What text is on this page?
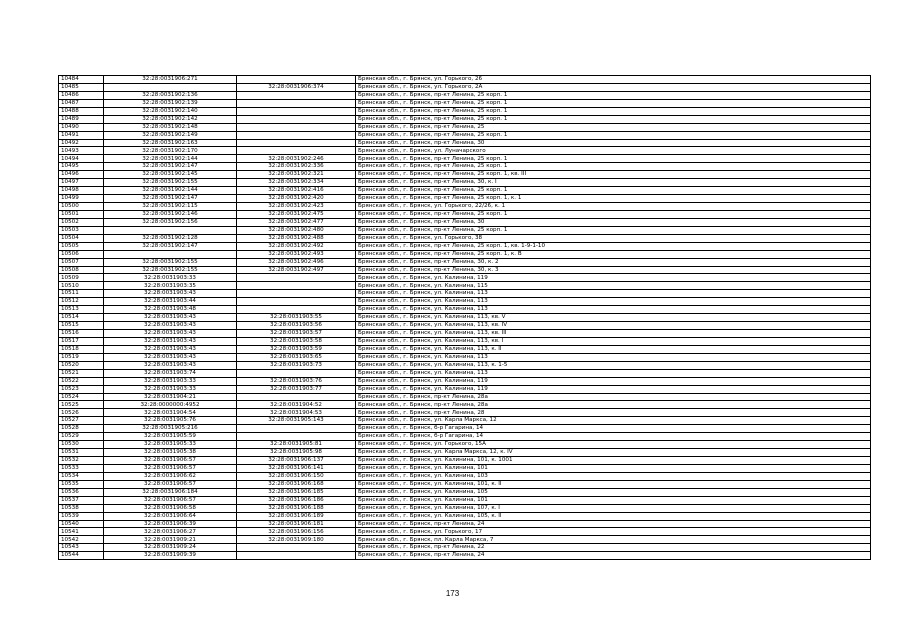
10484	32:28:0031906:271		Брянская обл., г. Брянск, ул. Горького, 26
10485		32:28:0031906:374	Брянская обл., г. Брянск, ул. Горького, 2А
10486	32:28:0031902:136		Брянская обл., г. Брянск, пр-кт Ленина, 25 корп. 1
10487	32:28:0031902:139		Брянская обл., г. Брянск, пр-кт Ленина, 25 корп. 1
10488	32:28:0031902:140		Брянская обл., г. Брянск, пр-кт Ленина, 25 корп. 1
10489	32:28:0031902:142		Брянская обл., г. Брянск, пр-кт Ленина, 25 корп. 1
10490	32:28:0031902:148		Брянская обл., г. Брянск, пр-кт Ленина, 25
10491	32:28:0031902:149		Брянская обл., г. Брянск, пр-кт Ленина, 25 корп. 1
10492	32:28:0031902:163		Брянская обл., г. Брянск, пр-кт Ленина, 30
10493	32:28:0031902:170		Брянская обл., г. Брянск, ул. Луначарского
10494	32:28:0031902:144	32:28:0031902:246	Брянская обл., г. Брянск, пр-кт Ленина, 25 корп. 1
10495	32:28:0031902:147	32:28:0031902:336	Брянская обл., г. Брянск, пр-кт Ленина, 25 корп. 1
10496	32:28:0031902:145	32:28:0031902:321	Брянская обл., г. Брянск, пр-кт Ленина, 25 корп. 1, кв. III
10497	32:28:0031902:155	32:28:0031902:334	Брянская обл., г. Брянск, пр-кт Ленина, 30, к. I
10498	32:28:0031902:144	32:28:0031902:416	Брянская обл., г. Брянск, пр-кт Ленина, 25 корп. 1
10499	32:28:0031902:147	32:28:0031902:420	Брянская обл., г. Брянск, пр-кт Ленина, 25 корп. 1, к. 1
10500	32:28:0031902:115	32:28:0031902:423	Брянская обл., г. Брянск, ул. Горького, 22/26, к. 1
10501	32:28:0031902:146	32:28:0031902:475	Брянская обл., г. Брянск, пр-кт Ленина, 25 корп. 1
10502	32:28:0031902:156	32:28:0031902:477	Брянская обл., г. Брянск, пр-кт Ленина, 30
10503		32:28:0031902:480	Брянская обл., г. Брянск, пр-кт Ленина, 25 корп. 1
10504	32:28:0031902:128	32:28:0031902:488	Брянская обл., г. Брянск, ул. Горького, 38
10505	32:28:0031902:147	32:28:0031902:492	Брянская обл., г. Брянск, пр-кт Ленина, 25 корп. 1, кв. 1-9-1-10
10506		32:28:0031902:493	Брянская обл., г. Брянск, пр-кт Ленина, 25 корп. 1, к. В
10507	32:28:0031902:155	32:28:0031902:496	Брянская обл., г. Брянск, пр-кт Ленина, 30, к. 2
10508	32:28:0031902:155	32:28:0031902:497	Брянская обл., г. Брянск, пр-кт Ленина, 30, к. 3
10509	32:28:0031903:33		Брянская обл., г. Брянск, ул. Калинина, 119
10510	32:28:0031903:35		Брянская обл., г. Брянск, ул. Калинина, 115
10511	32:28:0031903:43		Брянская обл., г. Брянск, ул. Калинина, 113
10512	32:28:0031903:44		Брянская обл., г. Брянск, ул. Калинина, 113
10513	32:28:0031903:48		Брянская обл., г. Брянск, ул. Калинина, 113
10514	32:28:0031903:43	32:28:0031903:55	Брянская обл., г. Брянск, ул. Калинина, 113, кв. V
10515	32:28:0031903:43	32:28:0031903:56	Брянская обл., г. Брянск, ул. Калинина, 113, кв. IV
10516	32:28:0031903:43	32:28:0031903:57	Брянская обл., г. Брянск, ул. Калинина, 113, кв. III
10517	32:28:0031903:43	32:28:0031903:58	Брянская обл., г. Брянск, ул. Калинина, 113, кв. I
10518	32:28:0031903:43	32:28:0031903:59	Брянская обл., г. Брянск, ул. Калинина, 113, к. II
10519	32:28:0031903:43	32:28:0031903:65	Брянская обл., г. Брянск, ул. Калинина, 113
10520	32:28:0031903:43	32:28:0031903:73	Брянская обл., г. Брянск, ул. Калинина, 113, к. 1-5
10521	32:28:0031903:74		Брянская обл., г. Брянск, ул. Калинина, 113
10522	32:28:0031903:33	32:28:0031903:76	Брянская обл., г. Брянск, ул. Калинина, 119
10523	32:28:0031903:33	32:28:0031903:77	Брянская обл., г. Брянск, ул. Калинина, 119
10524	32:28:0031904:21		Брянская обл., г. Брянск, пр-кт Ленина, 28а
10525	32:28:0000000:4952	32:28:0031904:52	Брянская обл., г. Брянск, пр-кт Ленина, 28а
10526	32:28:0031904:54	32:28:0031904:53	Брянская обл., г. Брянск, пр-кт Ленина, 28
10527	32:28:0031905:76	32:28:0031905:143	Брянская обл., г. Брянск, ул. Карла Маркса, 12
10528	32:28:0031905:216		Брянская обл., г. Брянск, б-р Гагарина, 14
10529	32:28:0031905:59		Брянская обл., г. Брянск, б-р Гагарина, 14
10530	32:28:0031905:33	32:28:0031905:81	Брянская обл., г. Брянск, ул. Горького, 15А
10531	32:28:0031905:38	32:28:0031905:98	Брянская обл., г. Брянск, ул. Карла Маркса, 12, к. IV
10532	32:28:0031906:57	32:28:0031906:137	Брянская обл., г. Брянск, ул. Калинина, 101, к. 1001
10533	32:28:0031906:57	32:28:0031906:141	Брянская обл., г. Брянск, ул. Калинина, 101
10534	32:28:0031906:62	32:28:0031906:150	Брянская обл., г. Брянск, ул. Калинина, 103
10535	32:28:0031906:57	32:28:0031906:168	Брянская обл., г. Брянск, ул. Калинина, 101, к. II
10536	32:28:0031906:184	32:28:0031906:185	Брянская обл., г. Брянск, ул. Калинина, 105
10537	32:28:0031906:57	32:28:0031906:186	Брянская обл., г. Брянск, ул. Калинина, 101
10538	32:28:0031906:58	32:28:0031906:188	Брянская обл., г. Брянск, ул. Калинина, 107, к. I
10539	32:28:0031906:64	32:28:0031906:189	Брянская обл., г. Брянск, ул. Калинина, 105, к. II
10540	32:28:0031906:39	32:28:0031906:181	Брянская обл., г. Брянск, пр-кт Ленина, 24
10541	32:28:0031906:27	32:28:0031906:156	Брянская обл., г. Брянск, ул. Горького, 17
10542	32:28:0031909:21	32:28:0031909:180	Брянская обл., г. Брянск, пл. Карла Маркса, 7
10543	32:28:0031909:24		Брянская обл., г. Брянск, пр-кт Ленина, 22
10544	32:28:0031909:39		Брянская обл., г. Брянск, пр-кт Ленина, 24
173
